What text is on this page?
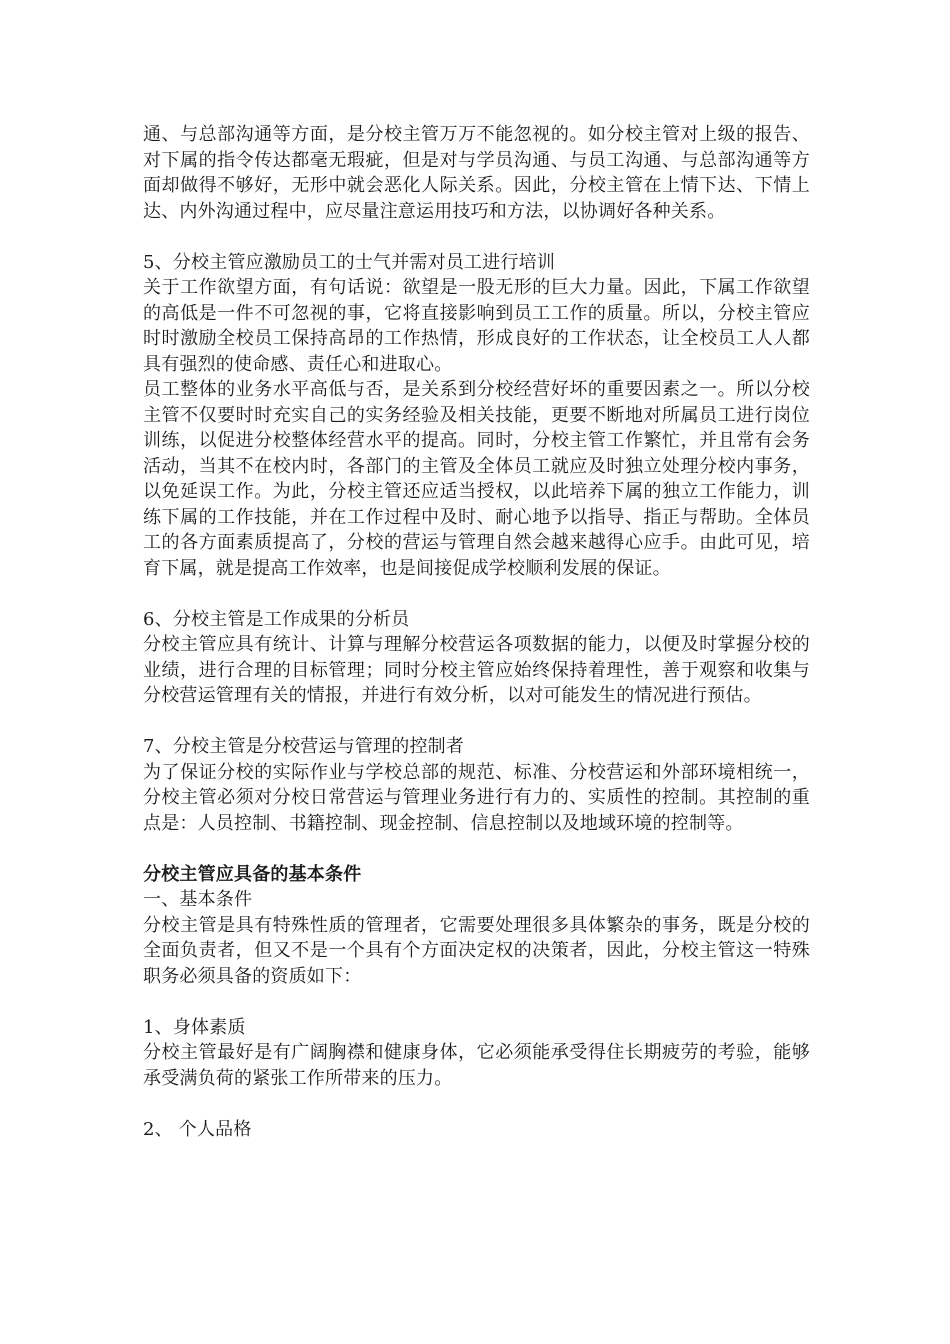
通、与总部沟通等方面，是分校主管万万不能忽视的。如分校主管对上级的报告、对下属的指令传达都毫无瑕疵，但是对与学员沟通、与员工沟通、与总部沟通等方面却做得不够好，无形中就会恶化人际关系。因此，分校主管在上情下达、下情上达、内外沟通过程中，应尽量注意运用技巧和方法，以协调好各种关系。

5、分校主管应激励员工的士气并需对员工进行培训

关于工作欲望方面，有句话说：欲望是一股无形的巨大力量。因此，下属工作欲望的高低是一件不可忽视的事，它将直接影响到员工工作的质量。所以，分校主管应时时激励全校员工保持高昂的工作热情，形成良好的工作状态，让全校员工人人都具有强烈的使命感、责任心和进取心。

员工整体的业务水平高低与否，是关系到分校经营好坏的重要因素之一。所以分校主管不仅要时时充实自己的实务经验及相关技能，更要不断地对所属员工进行岗位训练，以促进分校整体经营水平的提高。同时，分校主管工作繁忙，并且常有会务活动，当其不在校内时，各部门的主管及全体员工就应及时独立处理分校内事务，以免延误工作。为此，分校主管还应适当授权，以此培养下属的独立工作能力，训练下属的工作技能，并在工作过程中及时、耐心地予以指导、指正与帮助。全体员工的各方面素质提高了，分校的营运与管理自然会越来越得心应手。由此可见，培育下属，就是提高工作效率，也是间接促成学校顺利发展的保证。

6、分校主管是工作成果的分析员

分校主管应具有统计、计算与理解分校营运各项数据的能力，以便及时掌握分校的业绩，进行合理的目标管理；同时分校主管应始终保持着理性，善于观察和收集与分校营运管理有关的情报，并进行有效分析，以对可能发生的情况进行预估。

7、分校主管是分校营运与管理的控制者

为了保证分校的实际作业与学校总部的规范、标准、分校营运和外部环境相统一，分校主管必须对分校日常营运与管理业务进行有力的、实质性的控制。其控制的重点是：人员控制、书籍控制、现金控制、信息控制以及地域环境的控制等。

分校主管应具备的基本条件

一、基本条件

分校主管是具有特殊性质的管理者，它需要处理很多具体繁杂的事务，既是分校的全面负责者，但又不是一个具有个方面决定权的决策者，因此，分校主管这一特殊职务必须具备的资质如下：

1、身体素质

分校主管最好是有广阔胸襟和健康身体，它必须能承受得住长期疲劳的考验，能够承受满负荷的紧张工作所带来的压力。

2、 个人品格
